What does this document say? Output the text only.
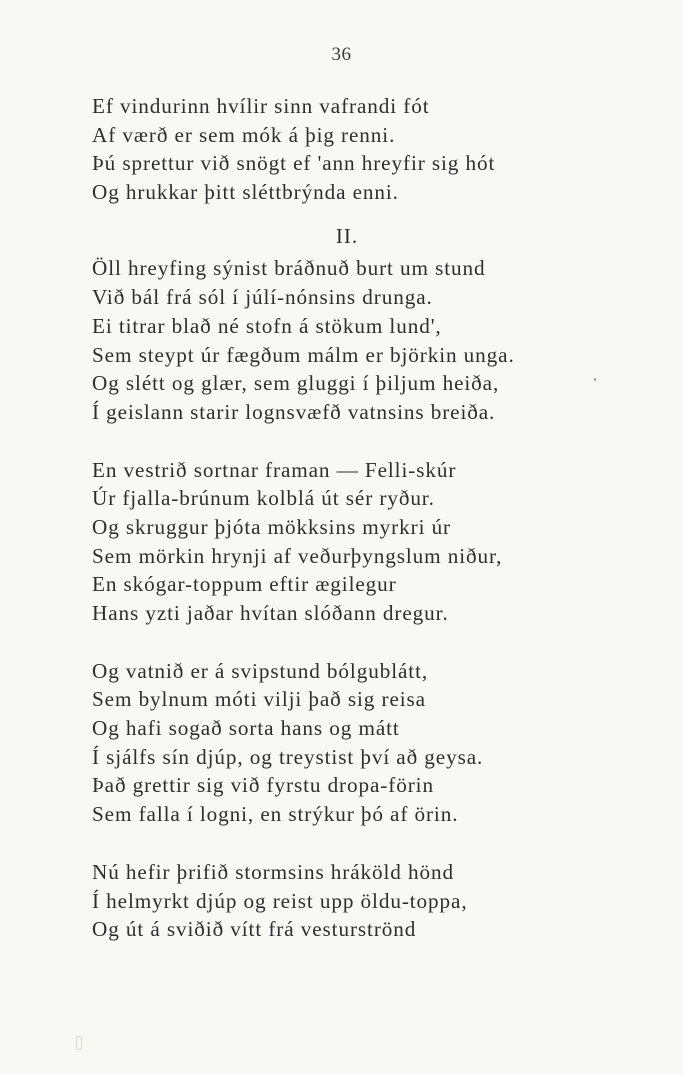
36
Ef vindurinn hvílir sinn vafrandi fót
Af værð er sem mók á þig renni.
Þú sprettur við snögt ef 'ann hreyfir sig hót
Og hrukkar þitt sléttbrýnda enni.
II.
Öll hreyfing sýnist bráðnuð burt um stund
Við bál frá sól í júlí-nónsins drunga.
Ei titrar blað né stofn á stökum lund',
Sem steypt úr fægðum málm er björkin unga.
Og slétt og glær, sem gluggi í þiljum heiða,
Í geislann starir lognsvæfð vatnsins breiða.
En vestrið sortnar framan — Felli-skúr
Úr fjalla-brúnum kolblá út sér ryður.
Og skruggur þjóta mökksins myrkri úr
Sem mörkin hrynji af veðurþyngslum niður,
En skógar-toppum eftir ægilegur
Hans yzti jaðar hvítan slóðann dregur.
Og vatnið er á svipstund bólgublátt,
Sem bylnum móti vilji það sig reisa
Og hafi sogað sorta hans og mátt
Í sjálfs sín djúp, og treystist því að geysa.
Það grettir sig við fyrstu dropa-förin
Sem falla í logni, en strýkur þó af örin.
Nú hefir þrifið stormsins hráköld hönd
Í helmyrkt djúp og reist upp öldu-toppa,
Og út á sviðið vítt frá vesturströnd
